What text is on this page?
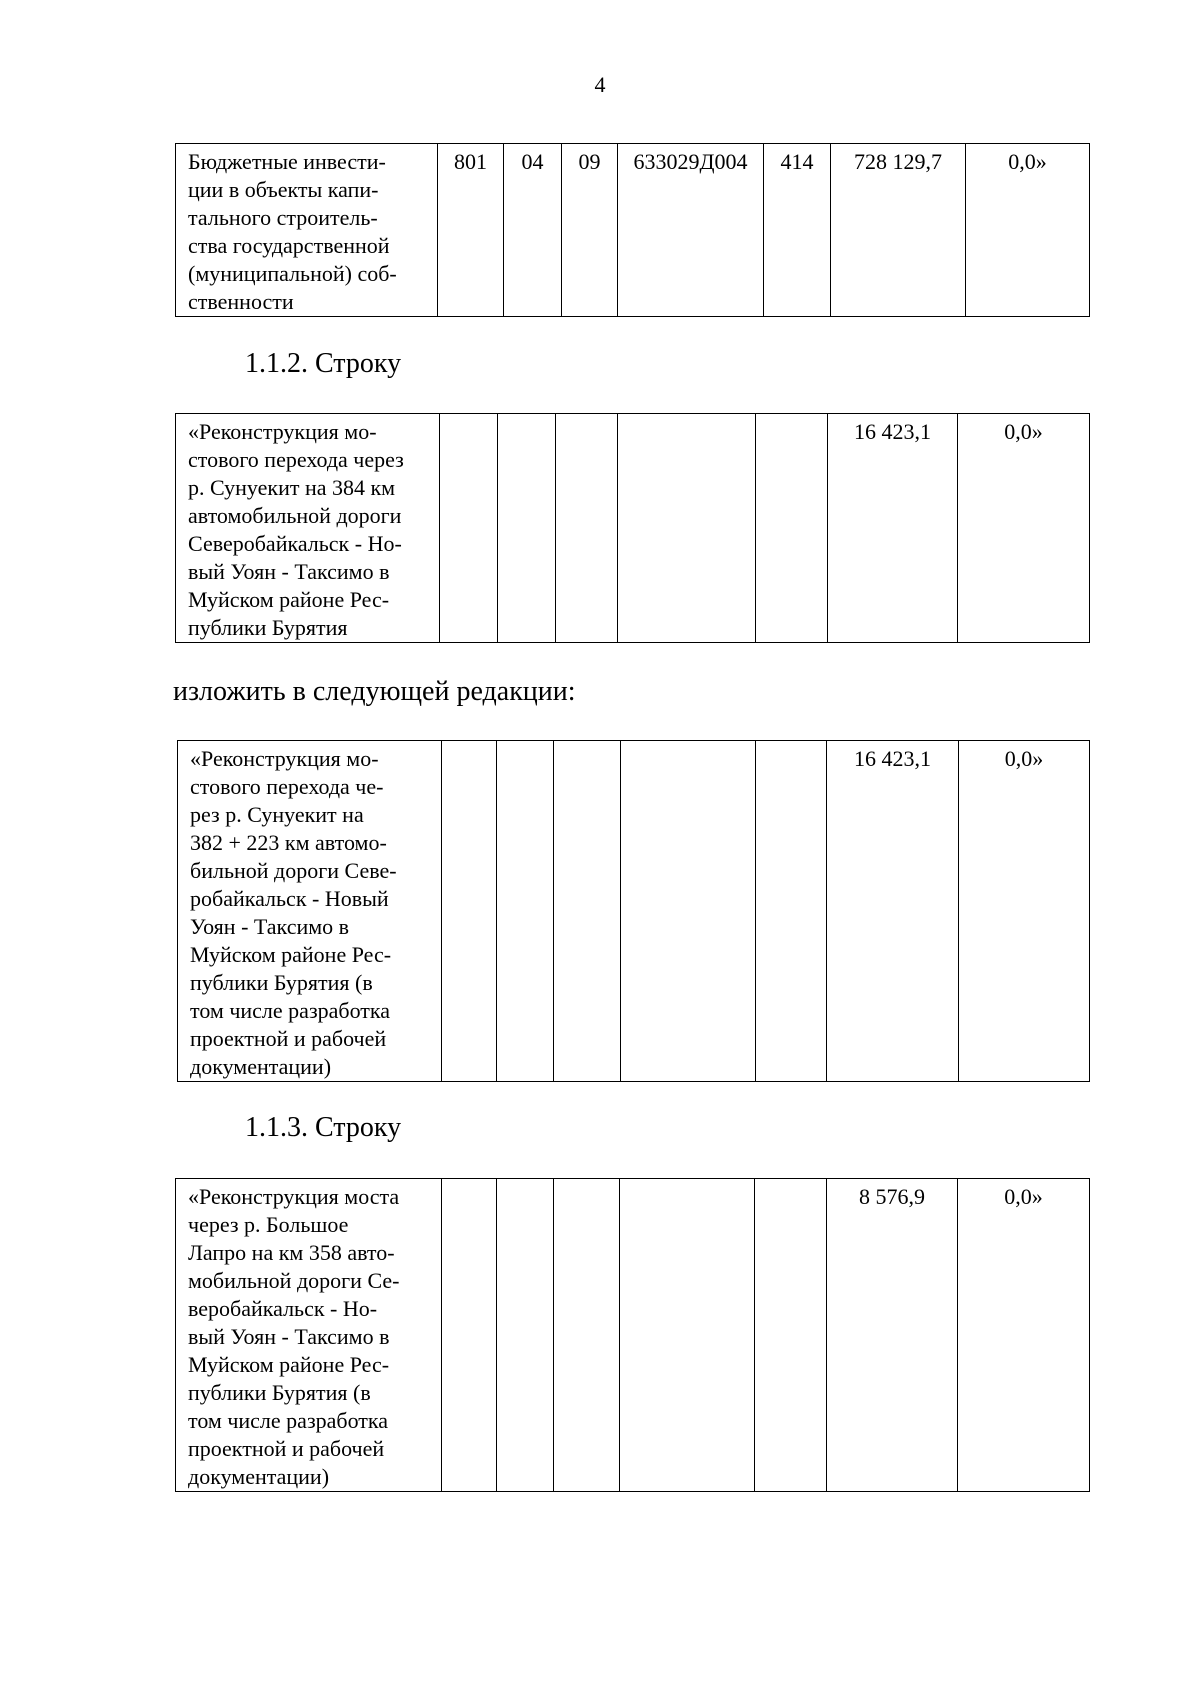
4
Бюджетные инвести-
ции в объекты капи-
тального строитель-
ства государственной
(муниципальной) соб-
ственности
	801	04	09	633029Д004	414	728 129,7	0,0»
1.1.2. Строку
«Реконструкция мо-
стового перехода через
р. Сунуекит на 384 км
автомобильной дороги
Северобайкальск - Но-
вый Уоян - Таксимо в
Муйском районе Рес-
публики Бурятия
						16 423,1	0,0»
изложить в следующей редакции:
«Реконструкция мо-
стового перехода че-
рез р. Сунуекит на
382 + 223 км автомо-
бильной дороги Севе-
робайкальск - Новый
Уоян - Таксимо в
Муйском районе Рес-
публики Бурятия (в
том числе разработка
проектной и рабочей
документации)
						16 423,1	0,0»
1.1.3. Строку
«Реконструкция моста
через р. Большое
Лапро на км 358 авто-
мобильной дороги Се-
веробайкальск - Но-
вый Уоян - Таксимо в
Муйском районе Рес-
публики Бурятия (в
том числе разработка
проектной и рабочей
документации)
						8 576,9	0,0»
